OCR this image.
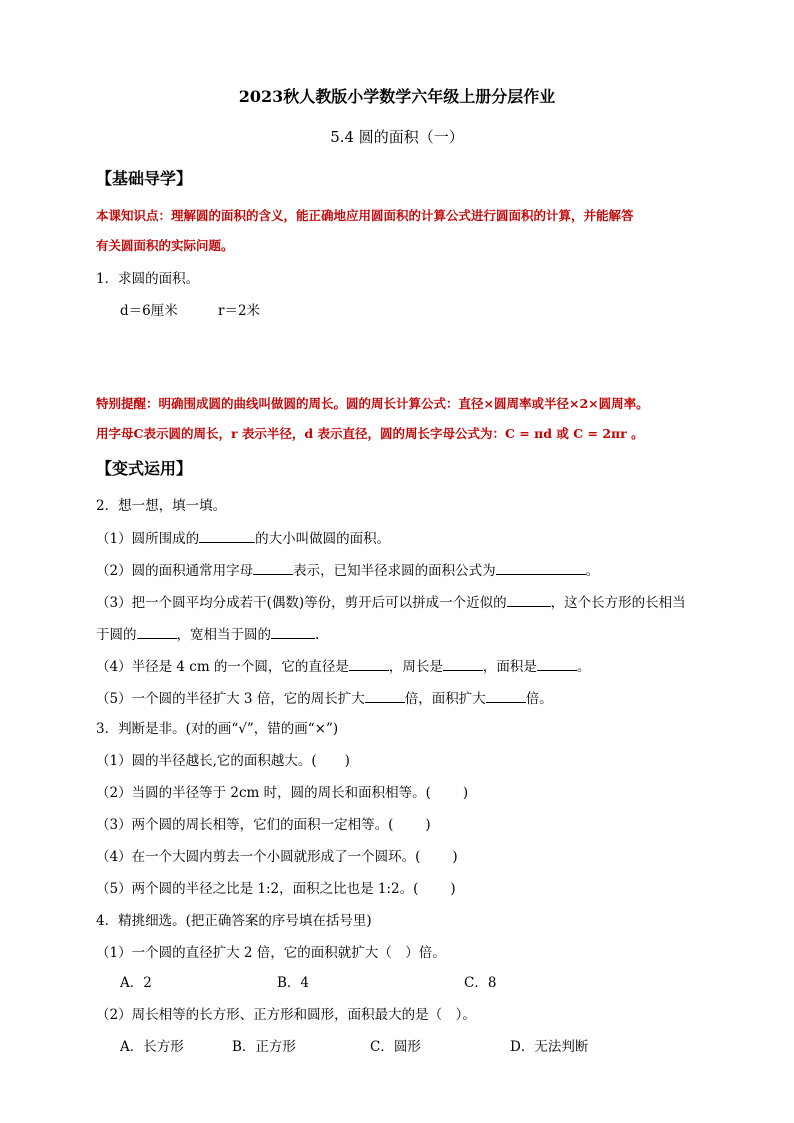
2023秋人教版小学数学六年级上册分层作业
5.4 圆的面积（一）
【基础导学】
本课知识点：理解圆的面积的含义，能正确地应用圆面积的计算公式进行圆面积的计算，并能解答
有关圆面积的实际问题。
1．求圆的面积。
d＝6厘米	r＝2米
特别提醒：明确围成圆的曲线叫做圆的周长。圆的周长计算公式：直径×圆周率或半径×2×圆周率。
用字母C表示圆的周长，r 表示半径，d 表示直径，圆的周长字母公式为：C = πd 或 C = 2πr 。
【变式运用】
2．想一想，填一填。
（1）圆所围成的	的大小叫做圆的面积。
（2）圆的面积通常用字母	表示，已知半径求圆的面积公式为	。
（3）把一个圆平均分成若干(偶数)等份，剪开后可以拼成一个近似的	，这个长方形的长相当
于圆的	，宽相当于圆的	.
（4）半径是 4 cm 的一个圆，它的直径是	，周长是	，面积是	。
（5）一个圆的半径扩大 3 倍，它的周长扩大	倍，面积扩大	倍。
3．判断是非。(对的画“√”，错的画“×”)
（1）圆的半径越长,它的面积越大。( )
（2）当圆的半径等于 2cm 时，圆的周长和面积相等。( )
（3）两个圆的周长相等，它们的面积一定相等。( )
（4）在一个大圆内剪去一个小圆就形成了一个圆环。( )
（5）两个圆的半径之比是 1:2，面积之比也是 1:2。( )
4．精挑细选。(把正确答案的序号填在括号里)
（1）一个圆的直径扩大 2 倍，它的面积就扩大（　）倍。
A．2	B．4	C．8
（2）周长相等的长方形、正方形和圆形，面积最大的是（　）。
A．长方形	B．正方形	C．圆形	D．无法判断
